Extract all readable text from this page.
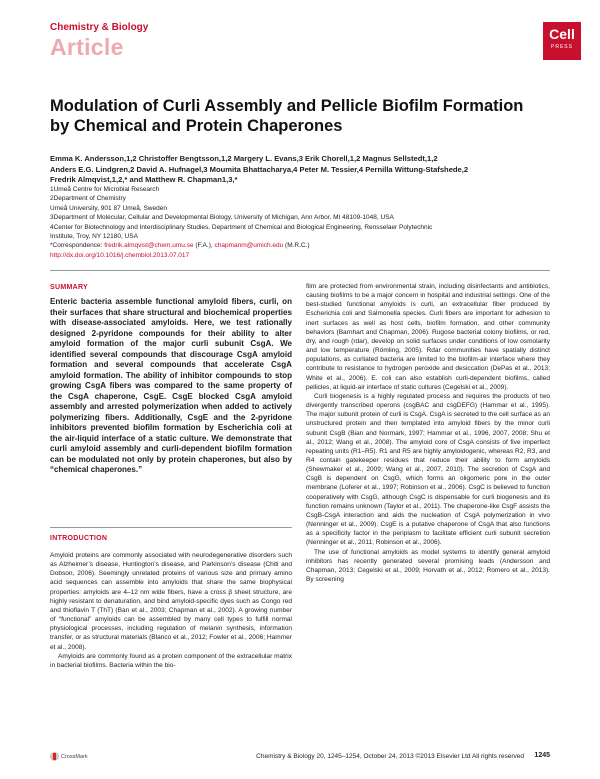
Chemistry & Biology
Article	Cell
PRESS
Modulation of Curli Assembly and Pellicle Biofilm Formation by Chemical and Protein Chaperones
Emma K. Andersson,1,2 Christoffer Bengtsson,1,2 Margery L. Evans,3 Erik Chorell,1,2 Magnus Sellstedt,1,2
Anders E.G. Lindgren,2 David A. Hufnagel,3 Moumita Bhattacharya,4 Peter M. Tessier,4 Pernilla Wittung-Stafshede,2
Fredrik Almqvist,1,2,* and Matthew R. Chapman1,3,*
1Umeå Centre for Microbial Research
2Department of Chemistry
Umeå University, 901 87 Umeå, Sweden
3Department of Molecular, Cellular and Developmental Biology, University of Michigan, Ann Arbor, MI 48109-1048, USA
4Center for Biotechnology and Interdisciplinary Studies, Department of Chemical and Biological Engineering, Rensselaer Polytechnic
Institute, Troy, NY 12180, USA
*Correspondence: fredrik.almqvist@chem.umu.se (F.A.), chapmanm@umich.edu (M.R.C.)
http://dx.doi.org/10.1016/j.chembiol.2013.07.017
SUMMARY
Enteric bacteria assemble functional amyloid fibers, curli, on their surfaces that share structural and biochemical properties with disease-associated amyloids. Here, we test rationally designed 2-pyridone compounds for their ability to alter amyloid formation of the major curli subunit CsgA. We identified several compounds that discourage CsgA amyloid formation and several compounds that accelerate CsgA amyloid formation. The ability of inhibitor compounds to stop growing CsgA fibers was compared to the same property of the CsgA chaperone, CsgE. CsgE blocked CsgA amyloid assembly and arrested polymerization when added to actively polymerizing fibers. Additionally, CsgE and the 2-pyridone inhibitors prevented biofilm formation by Escherichia coli at the air-liquid interface of a static culture. We demonstrate that curli amyloid assembly and curli-dependent biofilm formation can be modulated not only by protein chaperones, but also by “chemical chaperones.”
INTRODUCTION

Amyloid proteins are commonly associated with neurodegenerative disorders such as Alzheimer’s disease, Huntington’s disease, and Parkinson’s disease (Chiti and Dobson, 2006). Seemingly unrelated proteins of various size and primary amino acid sequences can assemble into amyloids that share the same biophysical properties: amyloids are 4–12 nm wide fibers, have a cross β sheet structure, are highly resistant to denaturation, and bind amyloid-specific dyes such as Congo red and thioflavin T (ThT) (Ban et al., 2003; Chapman et al., 2002). A growing number of “functional” amyloids can be assembled by many cell types to fulfill normal physiological processes, including regulation of melanin synthesis, information transfer, or as structural materials (Blanco et al., 2012; Fowler et al., 2006; Hammer et al., 2008).

Amyloids are commonly found as a protein component of the extracellular matrix in bacterial biofilms. Bacteria within the bio-

film are protected from environmental strain, including disinfectants and antibiotics, causing biofilms to be a major concern in hospital and industrial settings. One of the best-studied functional amyloids is curli, an extracellular fiber produced by Escherichia coli and Salmonella species. Curli fibers are important for adhesion to inert surfaces as well as host cells, biofilm formation, and other community behaviors (Barnhart and Chapman, 2006). Rugose bacterial colony biofilms, or red, dry, and rough (rdar), develop on solid surfaces under conditions of low osmolarity and low temperature (Römling, 2005). Rdar communities have spatially distinct populations, as curliated bacteria are limited to the biofilm-air interface where they contribute to resistance to hydrogen peroxide and desiccation (DePas et al., 2013; White et al., 2006). E. coli can also establish curli-dependent biofilms, called pellicles, at liquid-air interface of static cultures (Cegelski et al., 2009).

Curli biogenesis is a highly regulated process and requires the products of two divergently transcribed operons (csgBAC and csgDEFG) (Hammar et al., 1995). The major subunit protein of curli is CsgA. CsgA is secreted to the cell surface as an unstructured protein and then templated into amyloid fibers by the minor curli subunit CsgB (Bian and Normark, 1997; Hammar et al., 1996, 2007, 2008; Shu et al., 2012; Wang et al., 2008). The amyloid core of CsgA consists of five imperfect repeating units (R1–R5). R1 and R5 are highly amyloidogenic, whereas R2, R3, and R4 contain gatekeeper residues that reduce their ability to form amyloids (Shewmaker et al., 2009; Wang et al., 2007, 2010). The secretion of CsgA and CsgB is dependent on CsgG, which forms an oligomeric pore in the outer membrane (Loferer et al., 1997; Robinson et al., 2006). CsgC is believed to function cooperatively with CsgG, although CsgC is dispensable for curli biogenesis and its function remains unknown (Taylor et al., 2011). The chaperone-like CsgF assists the CsgB-CsgA interaction and aids the nucleation of CsgA polymerization in vivo (Nenninger et al., 2009). CsgE is a putative chaperone of CsgA that also functions as a specificity factor in the periplasm to facilitate efficient curli subunit secretion (Nenninger et al., 2011; Robinson et al., 2006).

The use of functional amyloids as model systems to identify general amyloid inhibitors has recently generated several promising leads (Andersson and Chapman, 2013; Cegelski et al., 2009; Horvath et al., 2012; Romero et al., 2013). By screening

CrossMark	Chemistry & Biology 20, 1245–1254, October 24, 2013 ©2013 Elsevier Ltd All rights reserved 1245
